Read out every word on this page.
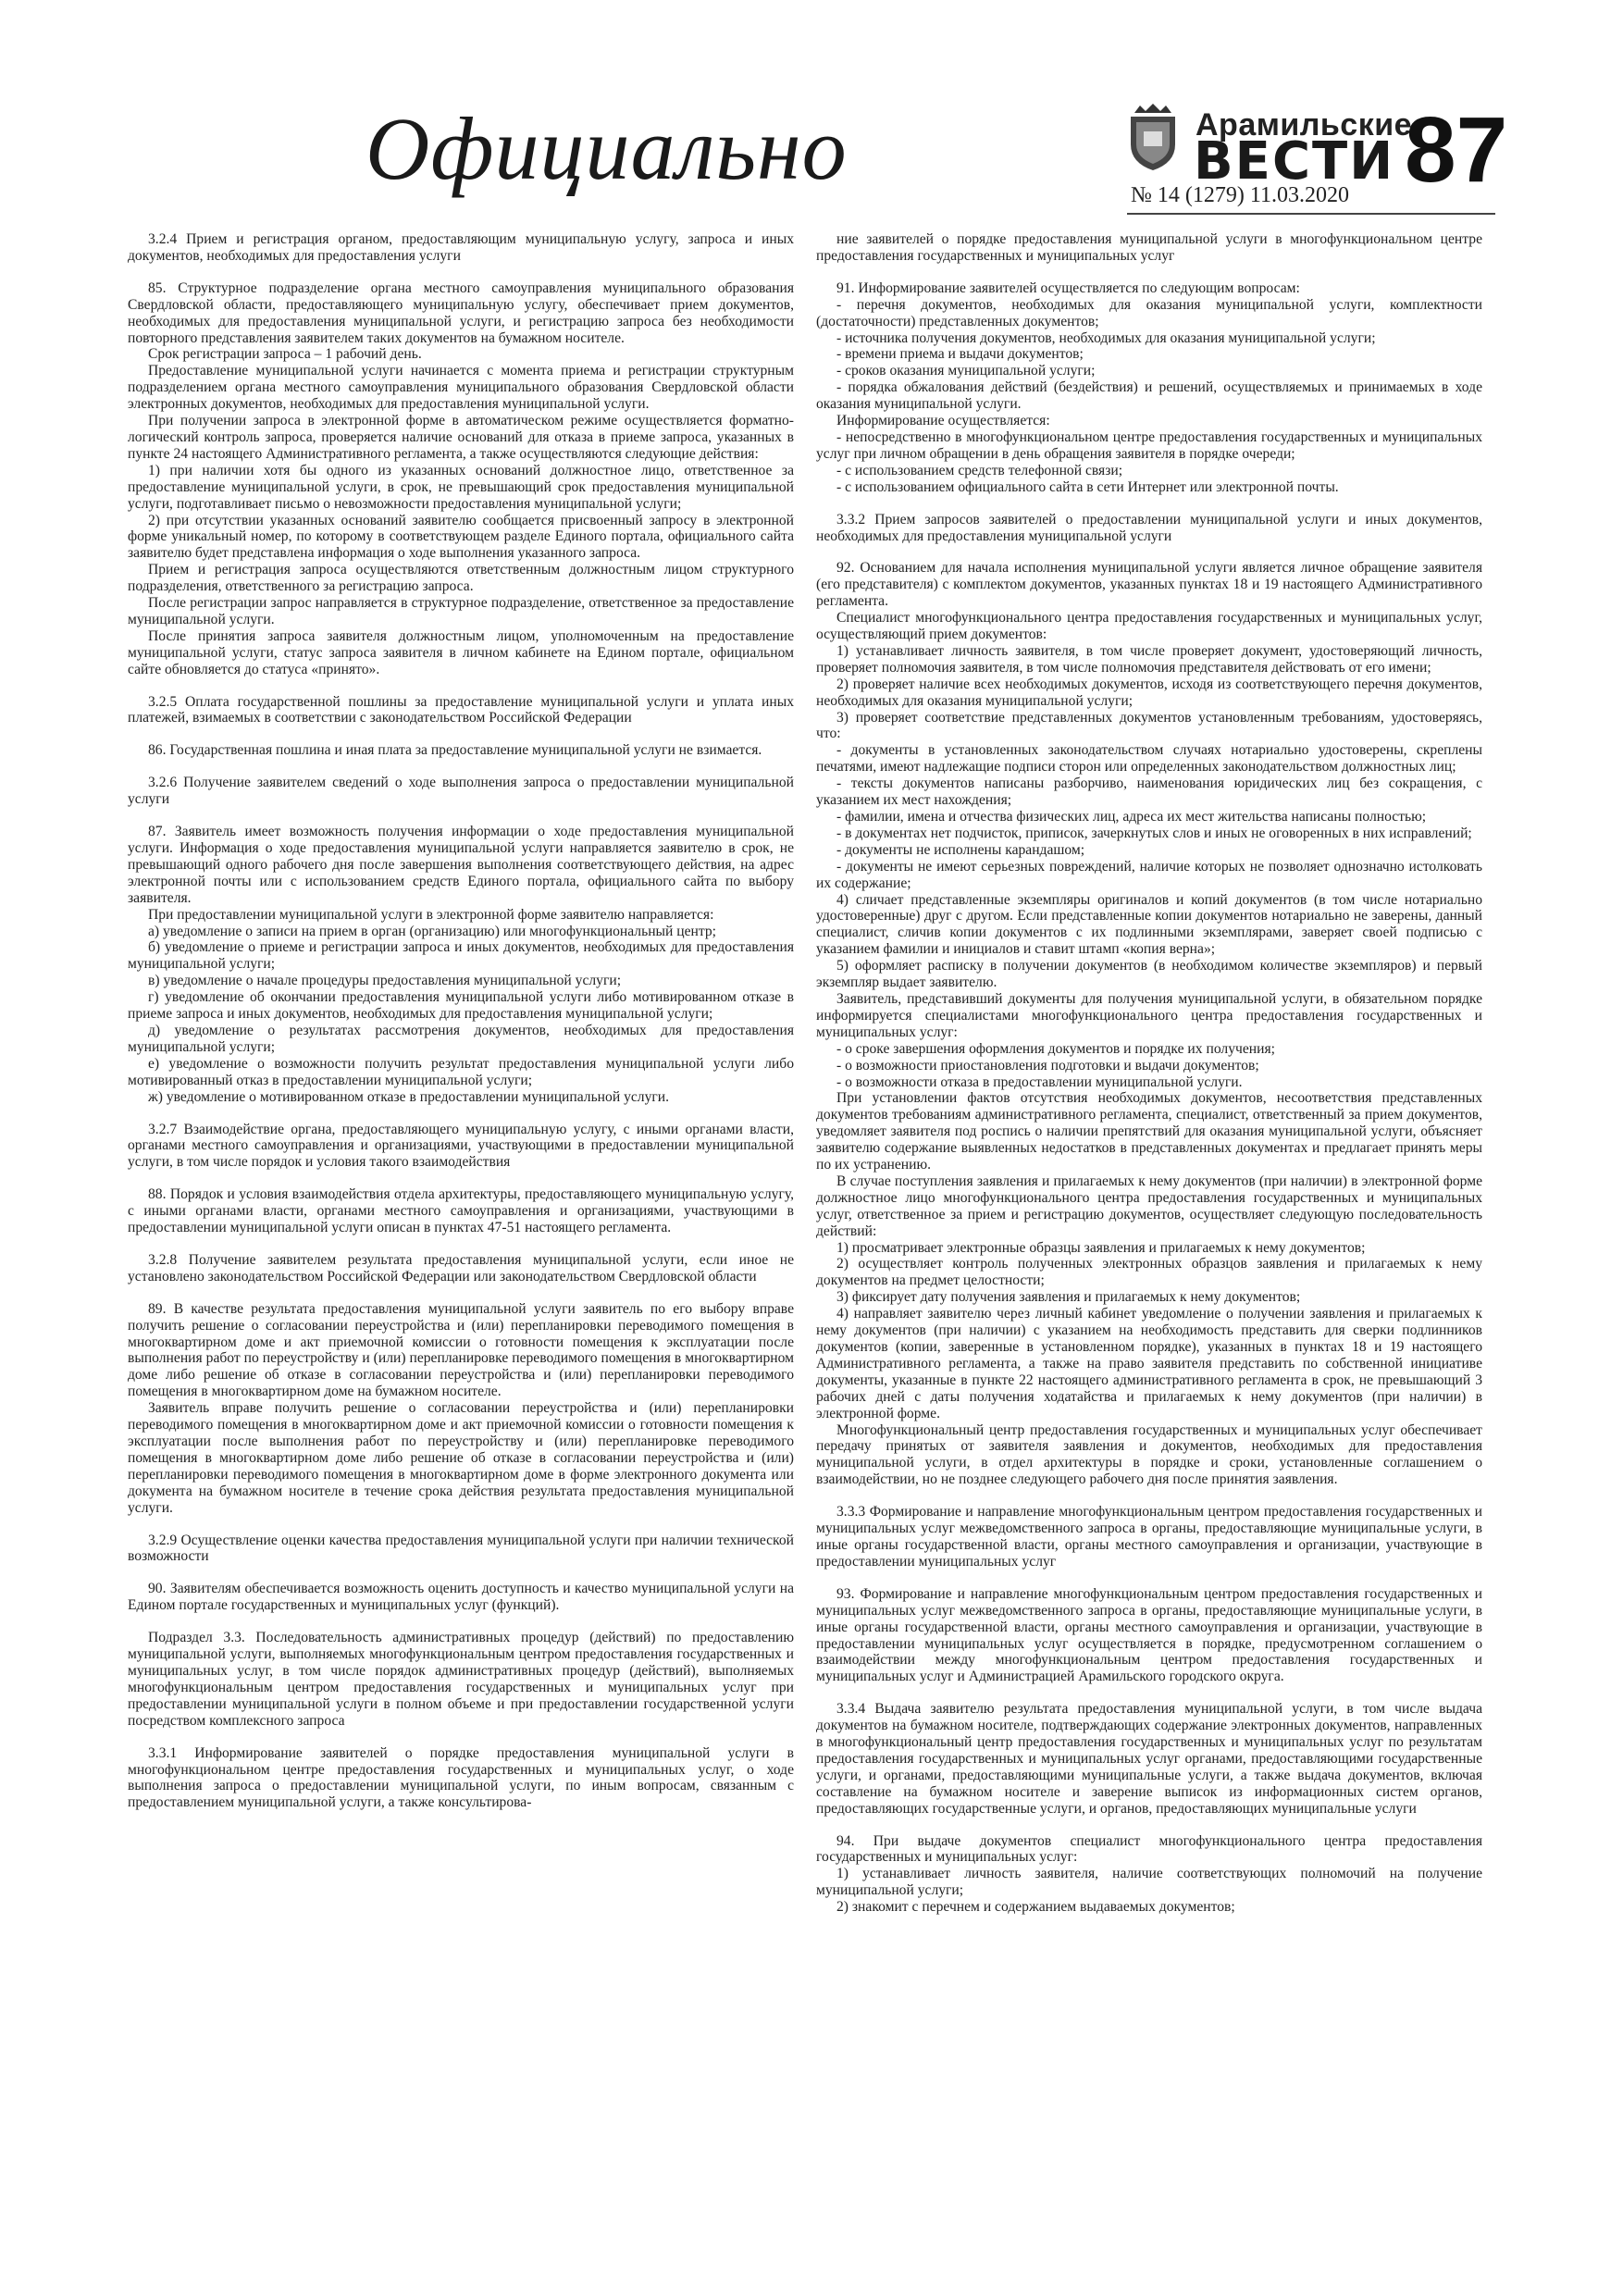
Официально	Арамильские
ВЕСТИ
№ 14 (1279) 11.03.2020 87

3.2.4 Прием и регистрация органом, предоставляющим муниципальную услугу, запроса и иных документов, необходимых для предоставления услуги

85. Структурное подразделение органа местного самоуправления муниципального образования Свердловской области, предоставляющего муниципальную услугу, обеспечивает прием документов, необходимых для предоставления муниципальной услуги, и регистрацию запроса без необходимости повторного представления заявителем таких документов на бумажном носителе.

Срок регистрации запроса – 1 рабочий день.

Предоставление муниципальной услуги начинается с момента приема и регистрации структурным подразделением органа местного самоуправления муниципального образования Свердловской области электронных документов, необходимых для предоставления муниципальной услуги.

При получении запроса в электронной форме в автоматическом режиме осуществляется форматно-логический контроль запроса, проверяется наличие оснований для отказа в приеме запроса, указанных в пункте 24 настоящего Административного регламента, а также осуществляются следующие действия:

1) при наличии хотя бы одного из указанных оснований должностное лицо, ответственное за предоставление муниципальной услуги, в срок, не превышающий срок предоставления муниципальной услуги, подготавливает письмо о невозможности предоставления муниципальной услуги;

2) при отсутствии указанных оснований заявителю сообщается присвоенный запросу в электронной форме уникальный номер, по которому в соответствующем разделе Единого портала, официального сайта заявителю будет представлена информация о ходе выполнения указанного запроса.

Прием и регистрация запроса осуществляются ответственным должностным лицом структурного подразделения, ответственного за регистрацию запроса.

После регистрации запрос направляется в структурное подразделение, ответственное за предоставление муниципальной услуги.

После принятия запроса заявителя должностным лицом, уполномоченным на предоставление муниципальной услуги, статус запроса заявителя в личном кабинете на Едином портале, официальном сайте обновляется до статуса «принято».

3.2.5 Оплата государственной пошлины за предоставление муниципальной услуги и уплата иных платежей, взимаемых в соответствии с законодательством Российской Федерации

86. Государственная пошлина и иная плата за предоставление муниципальной услуги не взимается.

3.2.6 Получение заявителем сведений о ходе выполнения запроса о предоставлении муниципальной услуги

87. Заявитель имеет возможность получения информации о ходе предоставления муниципальной услуги. Информация о ходе предоставления муниципальной услуги направляется заявителю в срок, не превышающий одного рабочего дня после завершения выполнения соответствующего действия, на адрес электронной почты или с использованием средств Единого портала, официального сайта по выбору заявителя.

При предоставлении муниципальной услуги в электронной форме заявителю направляется:

а) уведомление о записи на прием в орган (организацию) или многофункциональный центр;

б) уведомление о приеме и регистрации запроса и иных документов, необходимых для предоставления муниципальной услуги;

в) уведомление о начале процедуры предоставления муниципальной услуги;

г) уведомление об окончании предоставления муниципальной услуги либо мотивированном отказе в приеме запроса и иных документов, необходимых для предоставления муниципальной услуги;

д) уведомление о результатах рассмотрения документов, необходимых для предоставления муниципальной услуги;

е) уведомление о возможности получить результат предоставления муниципальной услуги либо мотивированный отказ в предоставлении муниципальной услуги;

ж) уведомление о мотивированном отказе в предоставлении муниципальной услуги.

3.2.7 Взаимодействие органа, предоставляющего муниципальную услугу, с иными органами власти, органами местного самоуправления и организациями, участвующими в предоставлении муниципальной услуги, в том числе порядок и условия такого взаимодействия

88. Порядок и условия взаимодействия отдела архитектуры, предоставляющего муниципальную услугу, с иными органами власти, органами местного самоуправления и организациями, участвующими в предоставлении муниципальной услуги описан в пунктах 47-51 настоящего регламента.

3.2.8 Получение заявителем результата предоставления муниципальной услуги, если иное не установлено законодательством Российской Федерации или законодательством Свердловской области

89. В качестве результата предоставления муниципальной услуги заявитель по его выбору вправе получить решение о согласовании переустройства и (или) перепланировки переводимого помещения в многоквартирном доме и акт приемочной комиссии о готовности помещения к эксплуатации после выполнения работ по переустройству и (или) перепланировке переводимого помещения в многоквартирном доме либо решение об отказе в согласовании переустройства и (или) перепланировки переводимого помещения в многоквартирном доме на бумажном носителе.

Заявитель вправе получить решение о согласовании переустройства и (или) перепланировки переводимого помещения в многоквартирном доме и акт приемочной комиссии о готовности помещения к эксплуатации после выполнения работ по переустройству и (или) перепланировке переводимого помещения в многоквартирном доме либо решение об отказе в согласовании переустройства и (или) перепланировки переводимого помещения в многоквартирном доме в форме электронного документа или документа на бумажном носителе в течение срока действия результата предоставления муниципальной услуги.

3.2.9 Осуществление оценки качества предоставления муниципальной услуги при наличии технической возможности

90. Заявителям обеспечивается возможность оценить доступность и качество муниципальной услуги на Едином портале государственных и муниципальных услуг (функций).

Подраздел 3.3. Последовательность административных процедур (действий) по предоставлению муниципальной услуги, выполняемых многофункциональным центром предоставления государственных и муниципальных услуг, в том числе порядок административных процедур (действий), выполняемых многофункциональным центром предоставления государственных и муниципальных услуг при предоставлении муниципальной услуги в полном объеме и при предоставлении государственной услуги посредством комплексного запроса

3.3.1 Информирование заявителей о порядке предоставления муниципальной услуги в многофункциональном центре предоставления государственных и муниципальных услуг, о ходе выполнения запроса о предоставлении муниципальной услуги, по иным вопросам, связанным с предоставлением муниципальной услуги, а также консультирова-

ние заявителей о порядке предоставления муниципальной услуги в многофункциональном центре предоставления государственных и муниципальных услуг

91. Информирование заявителей осуществляется по следующим вопросам:

- перечня документов, необходимых для оказания муниципальной услуги, комплектности (достаточности) представленных документов;

- источника получения документов, необходимых для оказания муниципальной услуги;

- времени приема и выдачи документов;

- сроков оказания муниципальной услуги;

- порядка обжалования действий (бездействия) и решений, осуществляемых и принимаемых в ходе оказания муниципальной услуги.

Информирование осуществляется:

- непосредственно в многофункциональном центре предоставления государственных и муниципальных услуг при личном обращении в день обращения заявителя в порядке очереди;

- с использованием средств телефонной связи;

- с использованием официального сайта в сети Интернет или электронной почты.

3.3.2 Прием запросов заявителей о предоставлении муниципальной услуги и иных документов, необходимых для предоставления муниципальной услуги

92. Основанием для начала исполнения муниципальной услуги является личное обращение заявителя (его представителя) с комплектом документов, указанных пунктах 18 и 19 настоящего Административного регламента.

Специалист многофункционального центра предоставления государственных и муниципальных услуг, осуществляющий прием документов:

1) устанавливает личность заявителя, в том числе проверяет документ, удостоверяющий личность, проверяет полномочия заявителя, в том числе полномочия представителя действовать от его имени;

2) проверяет наличие всех необходимых документов, исходя из соответствующего перечня документов, необходимых для оказания муниципальной услуги;

3) проверяет соответствие представленных документов установленным требованиям, удостоверяясь, что:

- документы в установленных законодательством случаях нотариально удостоверены, скреплены печатями, имеют надлежащие подписи сторон или определенных законодательством должностных лиц;

- тексты документов написаны разборчиво, наименования юридических лиц без сокращения, с указанием их мест нахождения;

- фамилии, имена и отчества физических лиц, адреса их мест жительства написаны полностью;

- в документах нет подчисток, приписок, зачеркнутых слов и иных не оговоренных в них исправлений;

- документы не исполнены карандашом;

- документы не имеют серьезных повреждений, наличие которых не позволяет однозначно истолковать их содержание;

4) сличает представленные экземпляры оригиналов и копий документов (в том числе нотариально удостоверенные) друг с другом. Если представленные копии документов нотариально не заверены, данный специалист, сличив копии документов с их подлинными экземплярами, заверяет своей подписью с указанием фамилии и инициалов и ставит штамп «копия верна»;

5) оформляет расписку в получении документов (в необходимом количестве экземпляров) и первый экземпляр выдает заявителю.

Заявитель, представивший документы для получения муниципальной услуги, в обязательном порядке информируется специалистами многофункционального центра предоставления государственных и муниципальных услуг:

- о сроке завершения оформления документов и порядке их получения;

- о возможности приостановления подготовки и выдачи документов;

- о возможности отказа в предоставлении муниципальной услуги.

При установлении фактов отсутствия необходимых документов, несоответствия представленных документов требованиям административного регламента, специалист, ответственный за прием документов, уведомляет заявителя под роспись о наличии препятствий для оказания муниципальной услуги, объясняет заявителю содержание выявленных недостатков в представленных документах и предлагает принять меры по их устранению.

В случае поступления заявления и прилагаемых к нему документов (при наличии) в электронной форме должностное лицо многофункционального центра предоставления государственных и муниципальных услуг, ответственное за прием и регистрацию документов, осуществляет следующую последовательность действий:

1) просматривает электронные образцы заявления и прилагаемых к нему документов;

2) осуществляет контроль полученных электронных образцов заявления и прилагаемых к нему документов на предмет целостности;

3) фиксирует дату получения заявления и прилагаемых к нему документов;

4) направляет заявителю через личный кабинет уведомление о получении заявления и прилагаемых к нему документов (при наличии) с указанием на необходимость представить для сверки подлинников документов (копии, заверенные в установленном порядке), указанных в пунктах 18 и 19 настоящего Административного регламента, а также на право заявителя представить по собственной инициативе документы, указанные в пункте 22 настоящего административного регламента в срок, не превышающий 3 рабочих дней с даты получения ходатайства и прилагаемых к нему документов (при наличии) в электронной форме.

Многофункциональный центр предоставления государственных и муниципальных услуг обеспечивает передачу принятых от заявителя заявления и документов, необходимых для предоставления муниципальной услуги, в отдел архитектуры в порядке и сроки, установленные соглашением о взаимодействии, но не позднее следующего рабочего дня после принятия заявления.

3.3.3 Формирование и направление многофункциональным центром предоставления государственных и муниципальных услуг межведомственного запроса в органы, предоставляющие муниципальные услуги, в иные органы государственной власти, органы местного самоуправления и организации, участвующие в предоставлении муниципальных услуг

93. Формирование и направление многофункциональным центром предоставления государственных и муниципальных услуг межведомственного запроса в органы, предоставляющие муниципальные услуги, в иные органы государственной власти, органы местного самоуправления и организации, участвующие в предоставлении муниципальных услуг осуществляется в порядке, предусмотренном соглашением о взаимодействии между многофункциональным центром предоставления государственных и муниципальных услуг и Администрацией Арамильского городского округа.

3.3.4 Выдача заявителю результата предоставления муниципальной услуги, в том числе выдача документов на бумажном носителе, подтверждающих содержание электронных документов, направленных в многофункциональный центр предоставления государственных и муниципальных услуг по результатам предоставления государственных и муниципальных услуг органами, предоставляющими государственные услуги, и органами, предоставляющими муниципальные услуги, а также выдача документов, включая составление на бумажном носителе и заверение выписок из информационных систем органов, предоставляющих государственные услуги, и органов, предоставляющих муниципальные услуги

94. При выдаче документов специалист многофункционального центра предоставления государственных и муниципальных услуг:

1) устанавливает личность заявителя, наличие соответствующих полномочий на получение муниципальной услуги;

2) знакомит с перечнем и содержанием выдаваемых документов;
